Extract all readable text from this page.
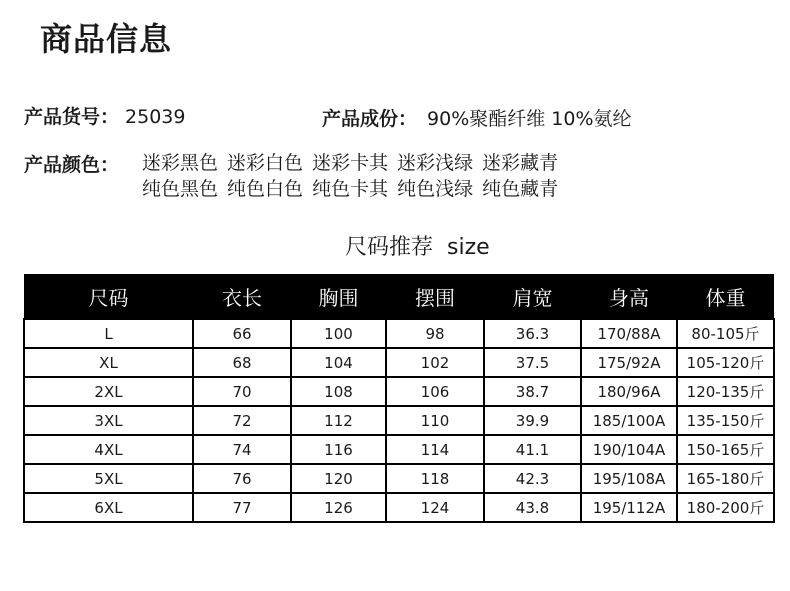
商品信息
产品货号： 25039	产品成份： 90%聚酯纤维 10%氨纶
产品颜色： 迷彩黑色 迷彩白色 迷彩卡其 迷彩浅绿 迷彩藏青
纯色黑色 纯色白色 纯色卡其 纯色浅绿 纯色藏青
尺码推荐 size
尺码	衣长	胸围	摆围	肩宽	身高	体重
L	66	100	98	36.3	170/88A	80-105斤
XL	68	104	102	37.5	175/92A	105-120斤
2XL	70	108	106	38.7	180/96A	120-135斤
3XL	72	112	110	39.9	185/100A	135-150斤
4XL	74	116	114	41.1	190/104A	150-165斤
5XL	76	120	118	42.3	195/108A	165-180斤
6XL	77	126	124	43.8	195/112A	180-200斤
